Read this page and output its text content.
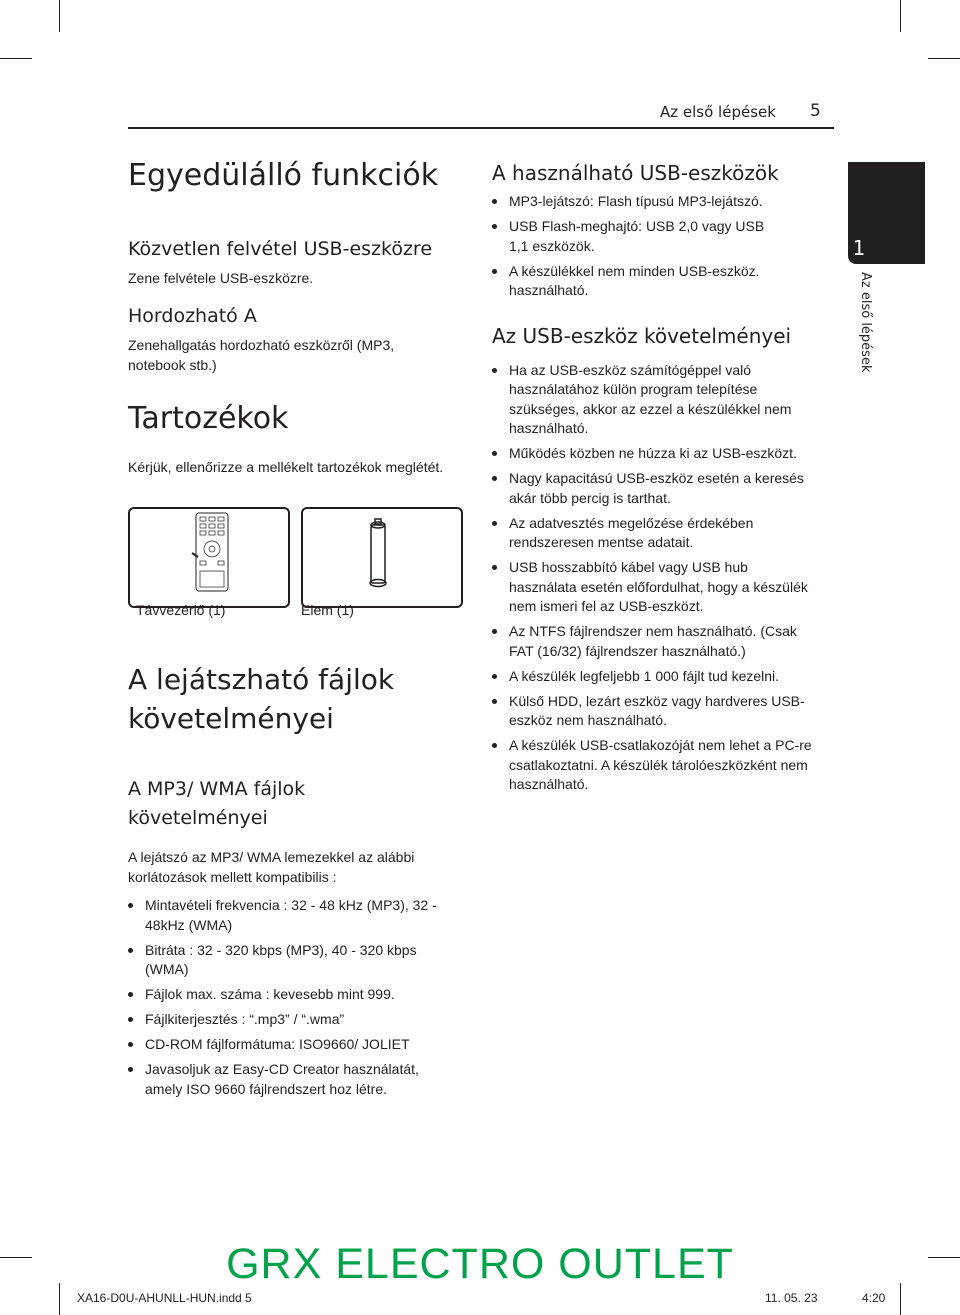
Az első lépések 5
Egyedülálló funkciók
Közvetlen felvétel USB-eszközre

Zene felvétele USB-eszközre.

Hordozható A

Zenehallgatás hordozható eszközről (MP3, notebook stb.)

Tartozékok

Kérjük, ellenőrizze a mellékelt tartozékok meglétét.

Távvezérlő (1)	Elem (1)
A lejátszható fájlok
követelményei
A MP3/ WMA fájlok
követelményei

A lejátszó az MP3/ WMA lemezekkel az alábbi korlátozások mellett kompatibilis :

Mintavételi frekvencia : 32 - 48 kHz (MP3), 32 - 48kHz (WMA)
Bitráta : 32 - 320 kbps (MP3), 40 - 320 kbps (WMA)
Fájlok max. száma : kevesebb mint 999.
Fájlkiterjesztés : “.mp3” / “.wma”
CD-ROM fájlformátuma: ISO9660/ JOLIET
Javasoljuk az Easy-CD Creator használatát, amely ISO 9660 fájlrendszert hoz létre.
A használható USB-eszközök
MP3-lejátszó: Flash típusú MP3-lejátszó.
USB Flash-meghajtó: USB 2,0 vagy USB 1,1 eszközök.
A készülékkel nem minden USB-eszköz. használható.
Az USB-eszköz követelményei
Ha az USB-eszköz számítógéppel való használatához külön program telepítése szükséges, akkor az ezzel a készülékkel nem használható.
Működés közben ne húzza ki az USB-eszközt.
Nagy kapacitású USB-eszköz esetén a keresés akár több percig is tarthat.
Az adatvesztés megelőzése érdekében rendszeresen mentse adatait.
USB hosszabbító kábel vagy USB hub használata esetén előfordulhat, hogy a készülék nem ismeri fel az USB-eszközt.
Az NTFS fájlrendszer nem használható. (Csak FAT (16/32) fájlrendszer használható.)
A készülék legfeljebb 1 000 fájlt tud kezelni.
Külső HDD, lezárt eszköz vagy hardveres USB-eszköz nem használható.
A készülék USB-csatlakozóját nem lehet a PC-re csatlakoztatni. A készülék tárolóeszközként nem használható.
1
Az első lépések
GRX ELECTRO OUTLET
XA16-D0U-AHUNLL-HUN.indd 5	11. 05. 23	4:20
